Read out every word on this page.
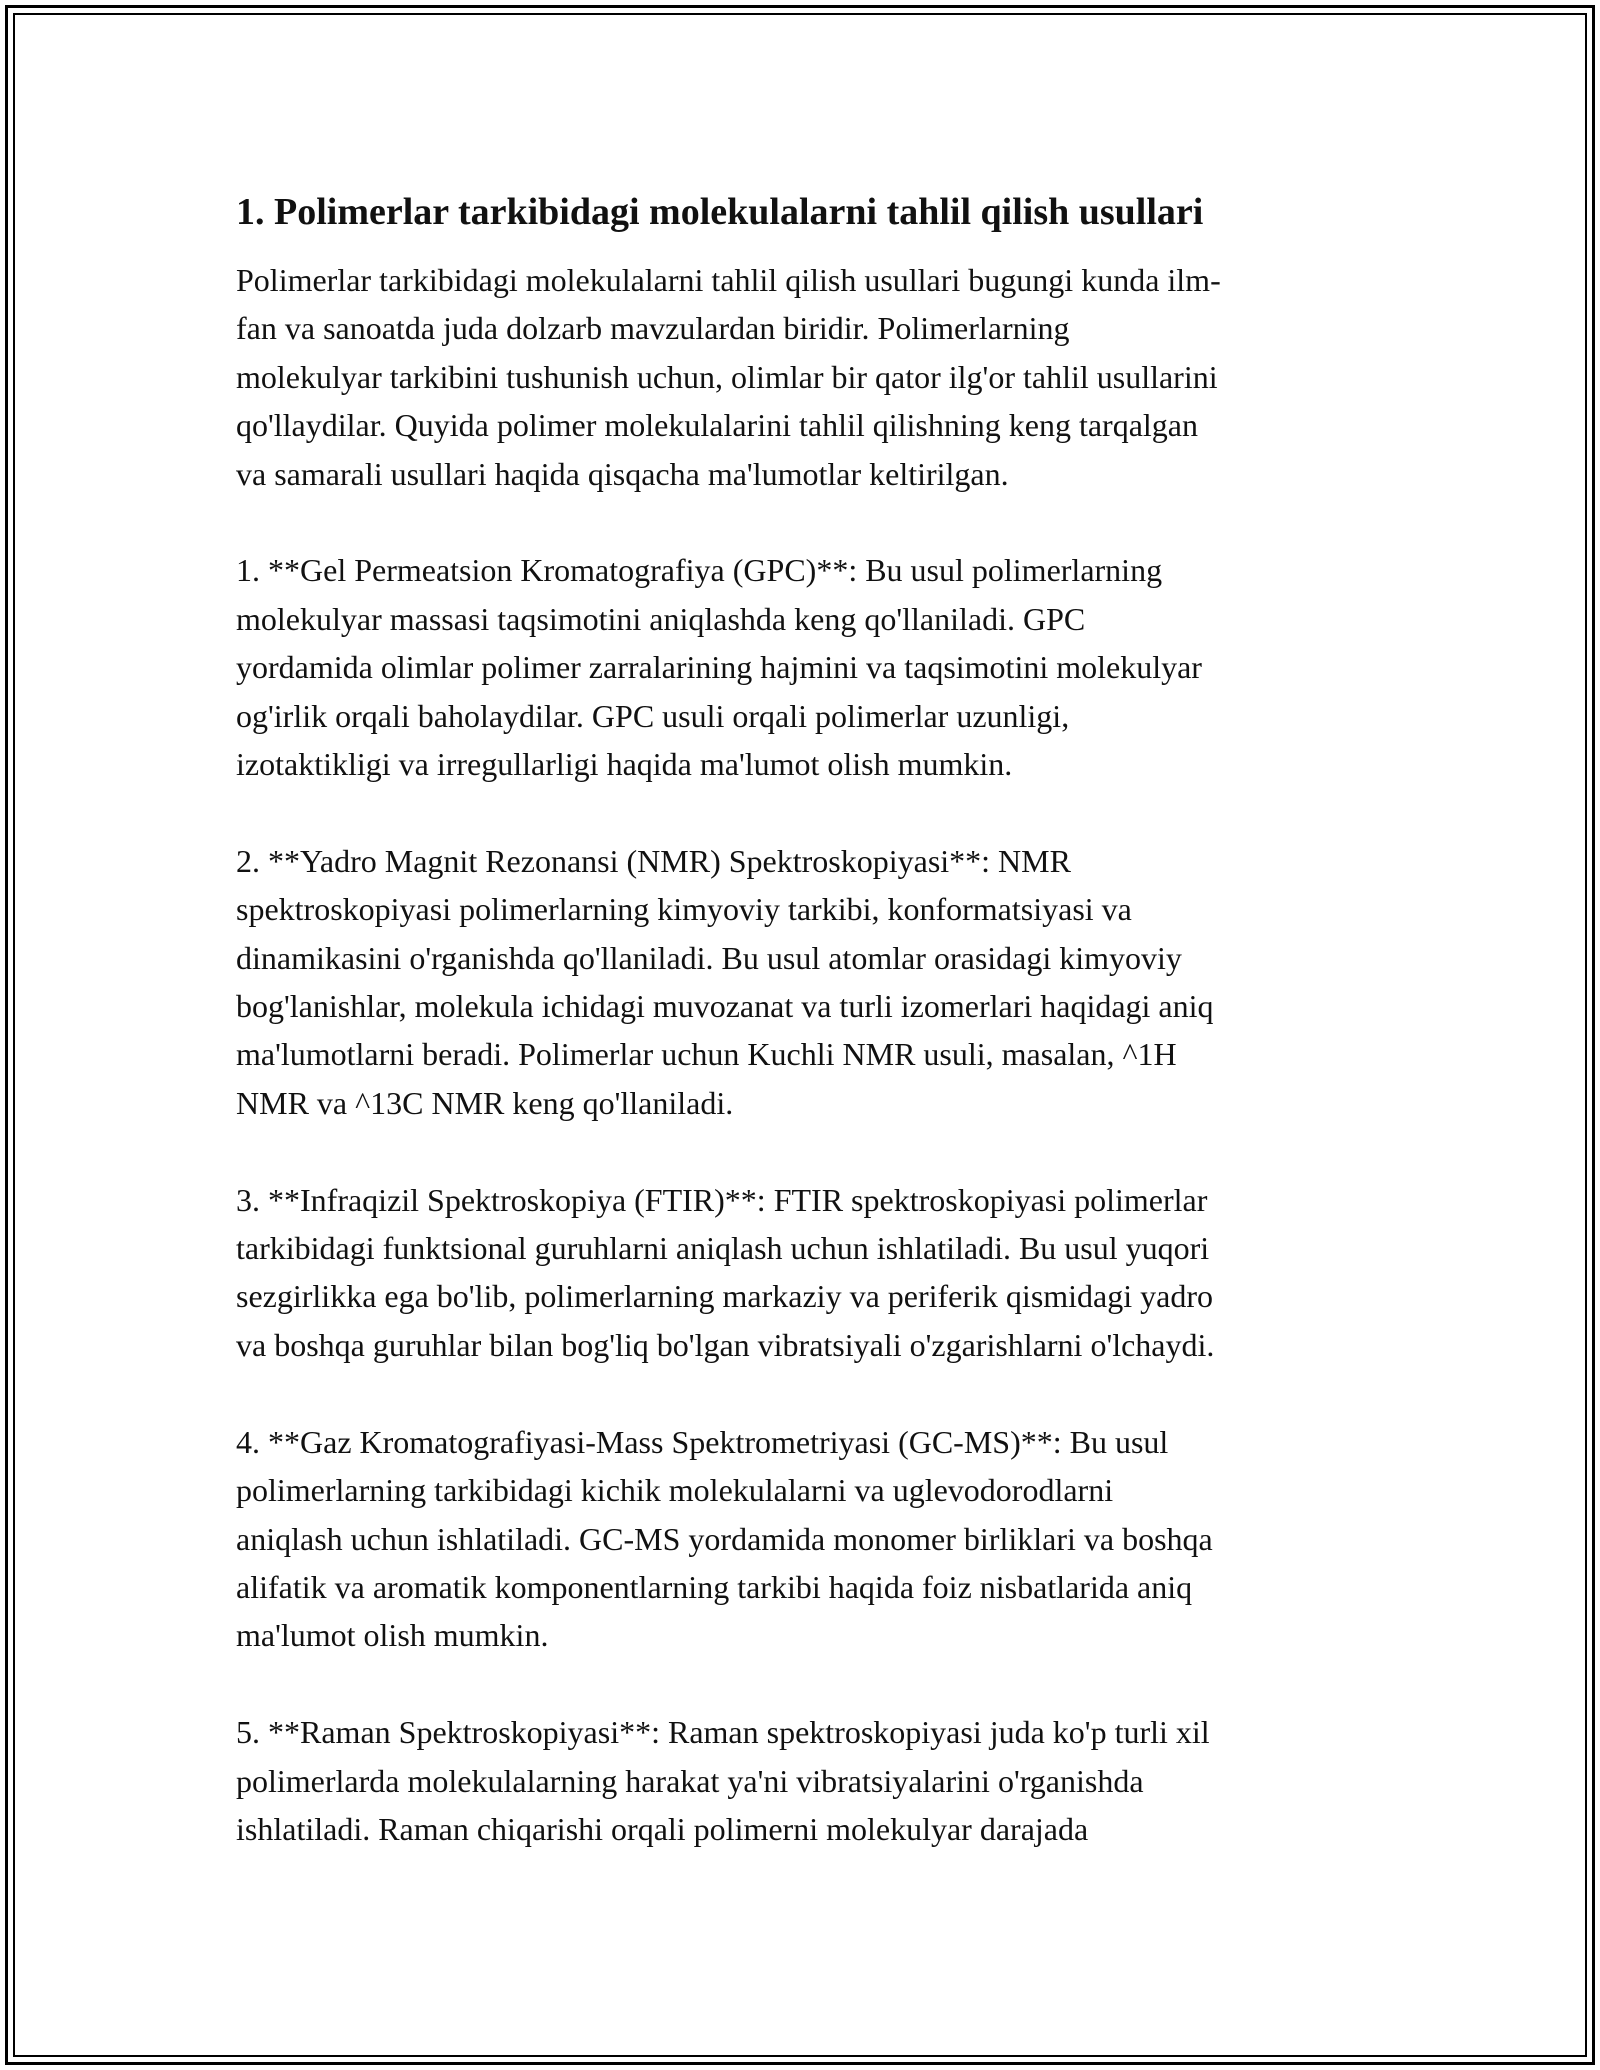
1. Polimerlar tarkibidagi molekulalarni tahlil qilish usullari
Polimerlar tarkibidagi molekulalarni tahlil qilish usullari bugungi kunda ilm-
fan va sanoatda juda dolzarb mavzulardan biridir. Polimerlarning
molekulyar tarkibini tushunish uchun, olimlar bir qator ilg'or tahlil usullarini
qo'llaydilar. Quyida polimer molekulalarini tahlil qilishning keng tarqalgan
va samarali usullari haqida qisqacha ma'lumotlar keltirilgan.
1. **Gel Permeatsion Kromatografiya (GPC)**: Bu usul polimerlarning
molekulyar massasi taqsimotini aniqlashda keng qo'llaniladi. GPC
yordamida olimlar polimer zarralarining hajmini va taqsimotini molekulyar
og'irlik orqali baholaydilar. GPC usuli orqali polimerlar uzunligi,
izotaktikligi va irregullarligi haqida ma'lumot olish mumkin.
2. **Yadro Magnit Rezonansi (NMR) Spektroskopiyasi**: NMR
spektroskopiyasi polimerlarning kimyoviy tarkibi, konformatsiyasi va
dinamikasini o'rganishda qo'llaniladi. Bu usul atomlar orasidagi kimyoviy
bog'lanishlar, molekula ichidagi muvozanat va turli izomerlari haqidagi aniq
ma'lumotlarni beradi. Polimerlar uchun Kuchli NMR usuli, masalan, ^1H
NMR va ^13C NMR keng qo'llaniladi.
3. **Infraqizil Spektroskopiya (FTIR)**: FTIR spektroskopiyasi polimerlar
tarkibidagi funktsional guruhlarni aniqlash uchun ishlatiladi. Bu usul yuqori
sezgirlikka ega bo'lib, polimerlarning markaziy va periferik qismidagi yadro
va boshqa guruhlar bilan bog'liq bo'lgan vibratsiyali o'zgarishlarni o'lchaydi.
4. **Gaz Kromatografiyasi-Mass Spektrometriyasi (GC-MS)**: Bu usul
polimerlarning tarkibidagi kichik molekulalarni va uglevodorodlarni
aniqlash uchun ishlatiladi. GC-MS yordamida monomer birliklari va boshqa
alifatik va aromatik komponentlarning tarkibi haqida foiz nisbatlarida aniq
ma'lumot olish mumkin.
5. **Raman Spektroskopiyasi**: Raman spektroskopiyasi juda ko'p turli xil
polimerlarda molekulalarning harakat ya'ni vibratsiyalarini o'rganishda
ishlatiladi. Raman chiqarishi orqali polimerni molekulyar darajada
